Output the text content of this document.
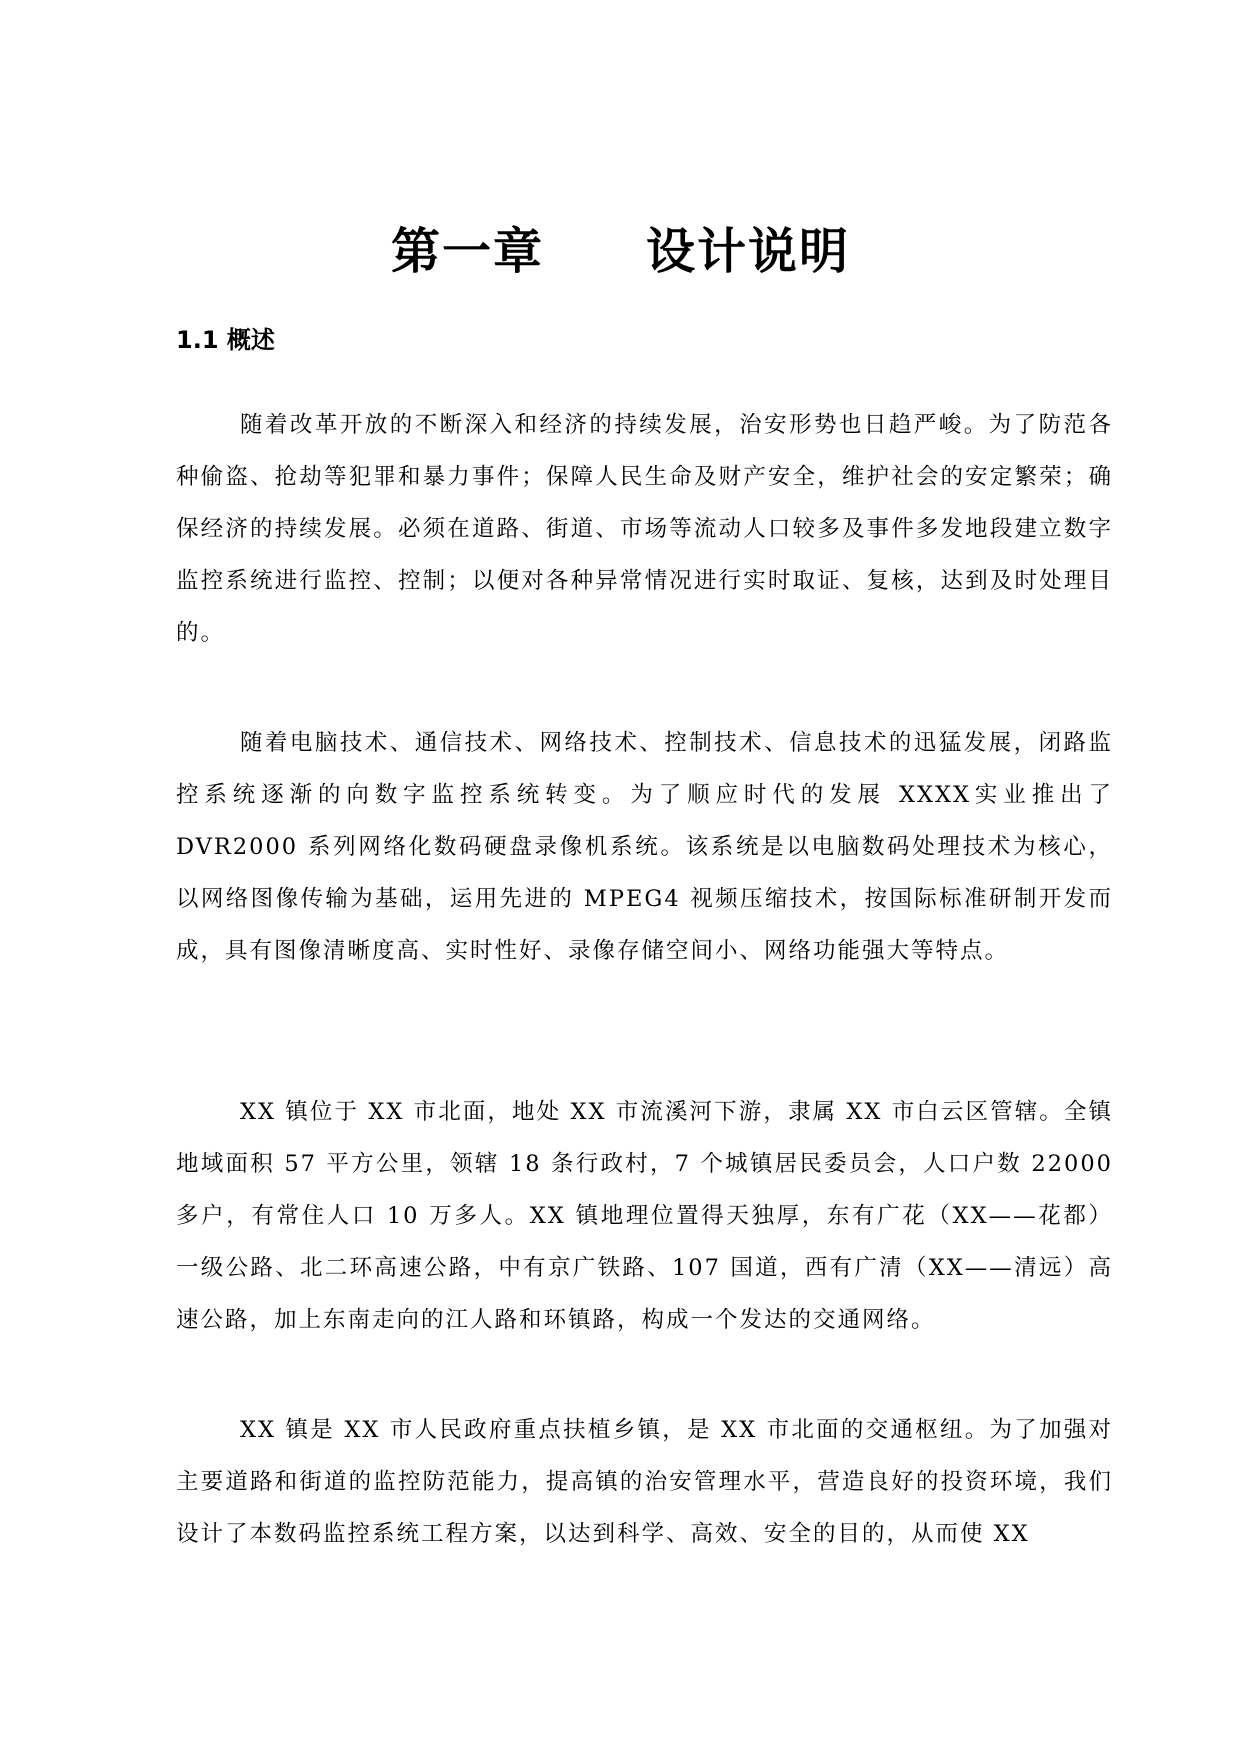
第一章　　设计说明
1.1 概述

随着改革开放的不断深入和经济的持续发展，治安形势也日趋严峻。为了防范各种偷盗、抢劫等犯罪和暴力事件；保障人民生命及财产安全，维护社会的安定繁荣；确保经济的持续发展。必须在道路、街道、市场等流动人口较多及事件多发地段建立数字监控系统进行监控、控制；以便对各种异常情况进行实时取证、复核，达到及时处理目的。

随着电脑技术、通信技术、网络技术、控制技术、信息技术的迅猛发展，闭路监控系统逐渐的向数字监控系统转变。为了顺应时代的发展 XXXX实业推出了 DVR2000 系列网络化数码硬盘录像机系统。该系统是以电脑数码处理技术为核心，以网络图像传输为基础，运用先进的 MPEG4 视频压缩技术，按国际标准研制开发而成，具有图像清晰度高、实时性好、录像存储空间小、网络功能强大等特点。

XX 镇位于 XX 市北面，地处 XX 市流溪河下游，隶属 XX 市白云区管辖。全镇地域面积 57 平方公里，领辖 18 条行政村，7 个城镇居民委员会，人口户数 22000多户，有常住人口 10 万多人。XX 镇地理位置得天独厚，东有广花（XX——花都）一级公路、北二环高速公路，中有京广铁路、107 国道，西有广清（XX——清远）高速公路，加上东南走向的江人路和环镇路，构成一个发达的交通网络。

XX 镇是 XX 市人民政府重点扶植乡镇，是 XX 市北面的交通枢纽。为了加强对主要道路和街道的监控防范能力，提高镇的治安管理水平，营造良好的投资环境，我们设计了本数码监控系统工程方案，以达到科学、高效、安全的目的，从而使 XX
